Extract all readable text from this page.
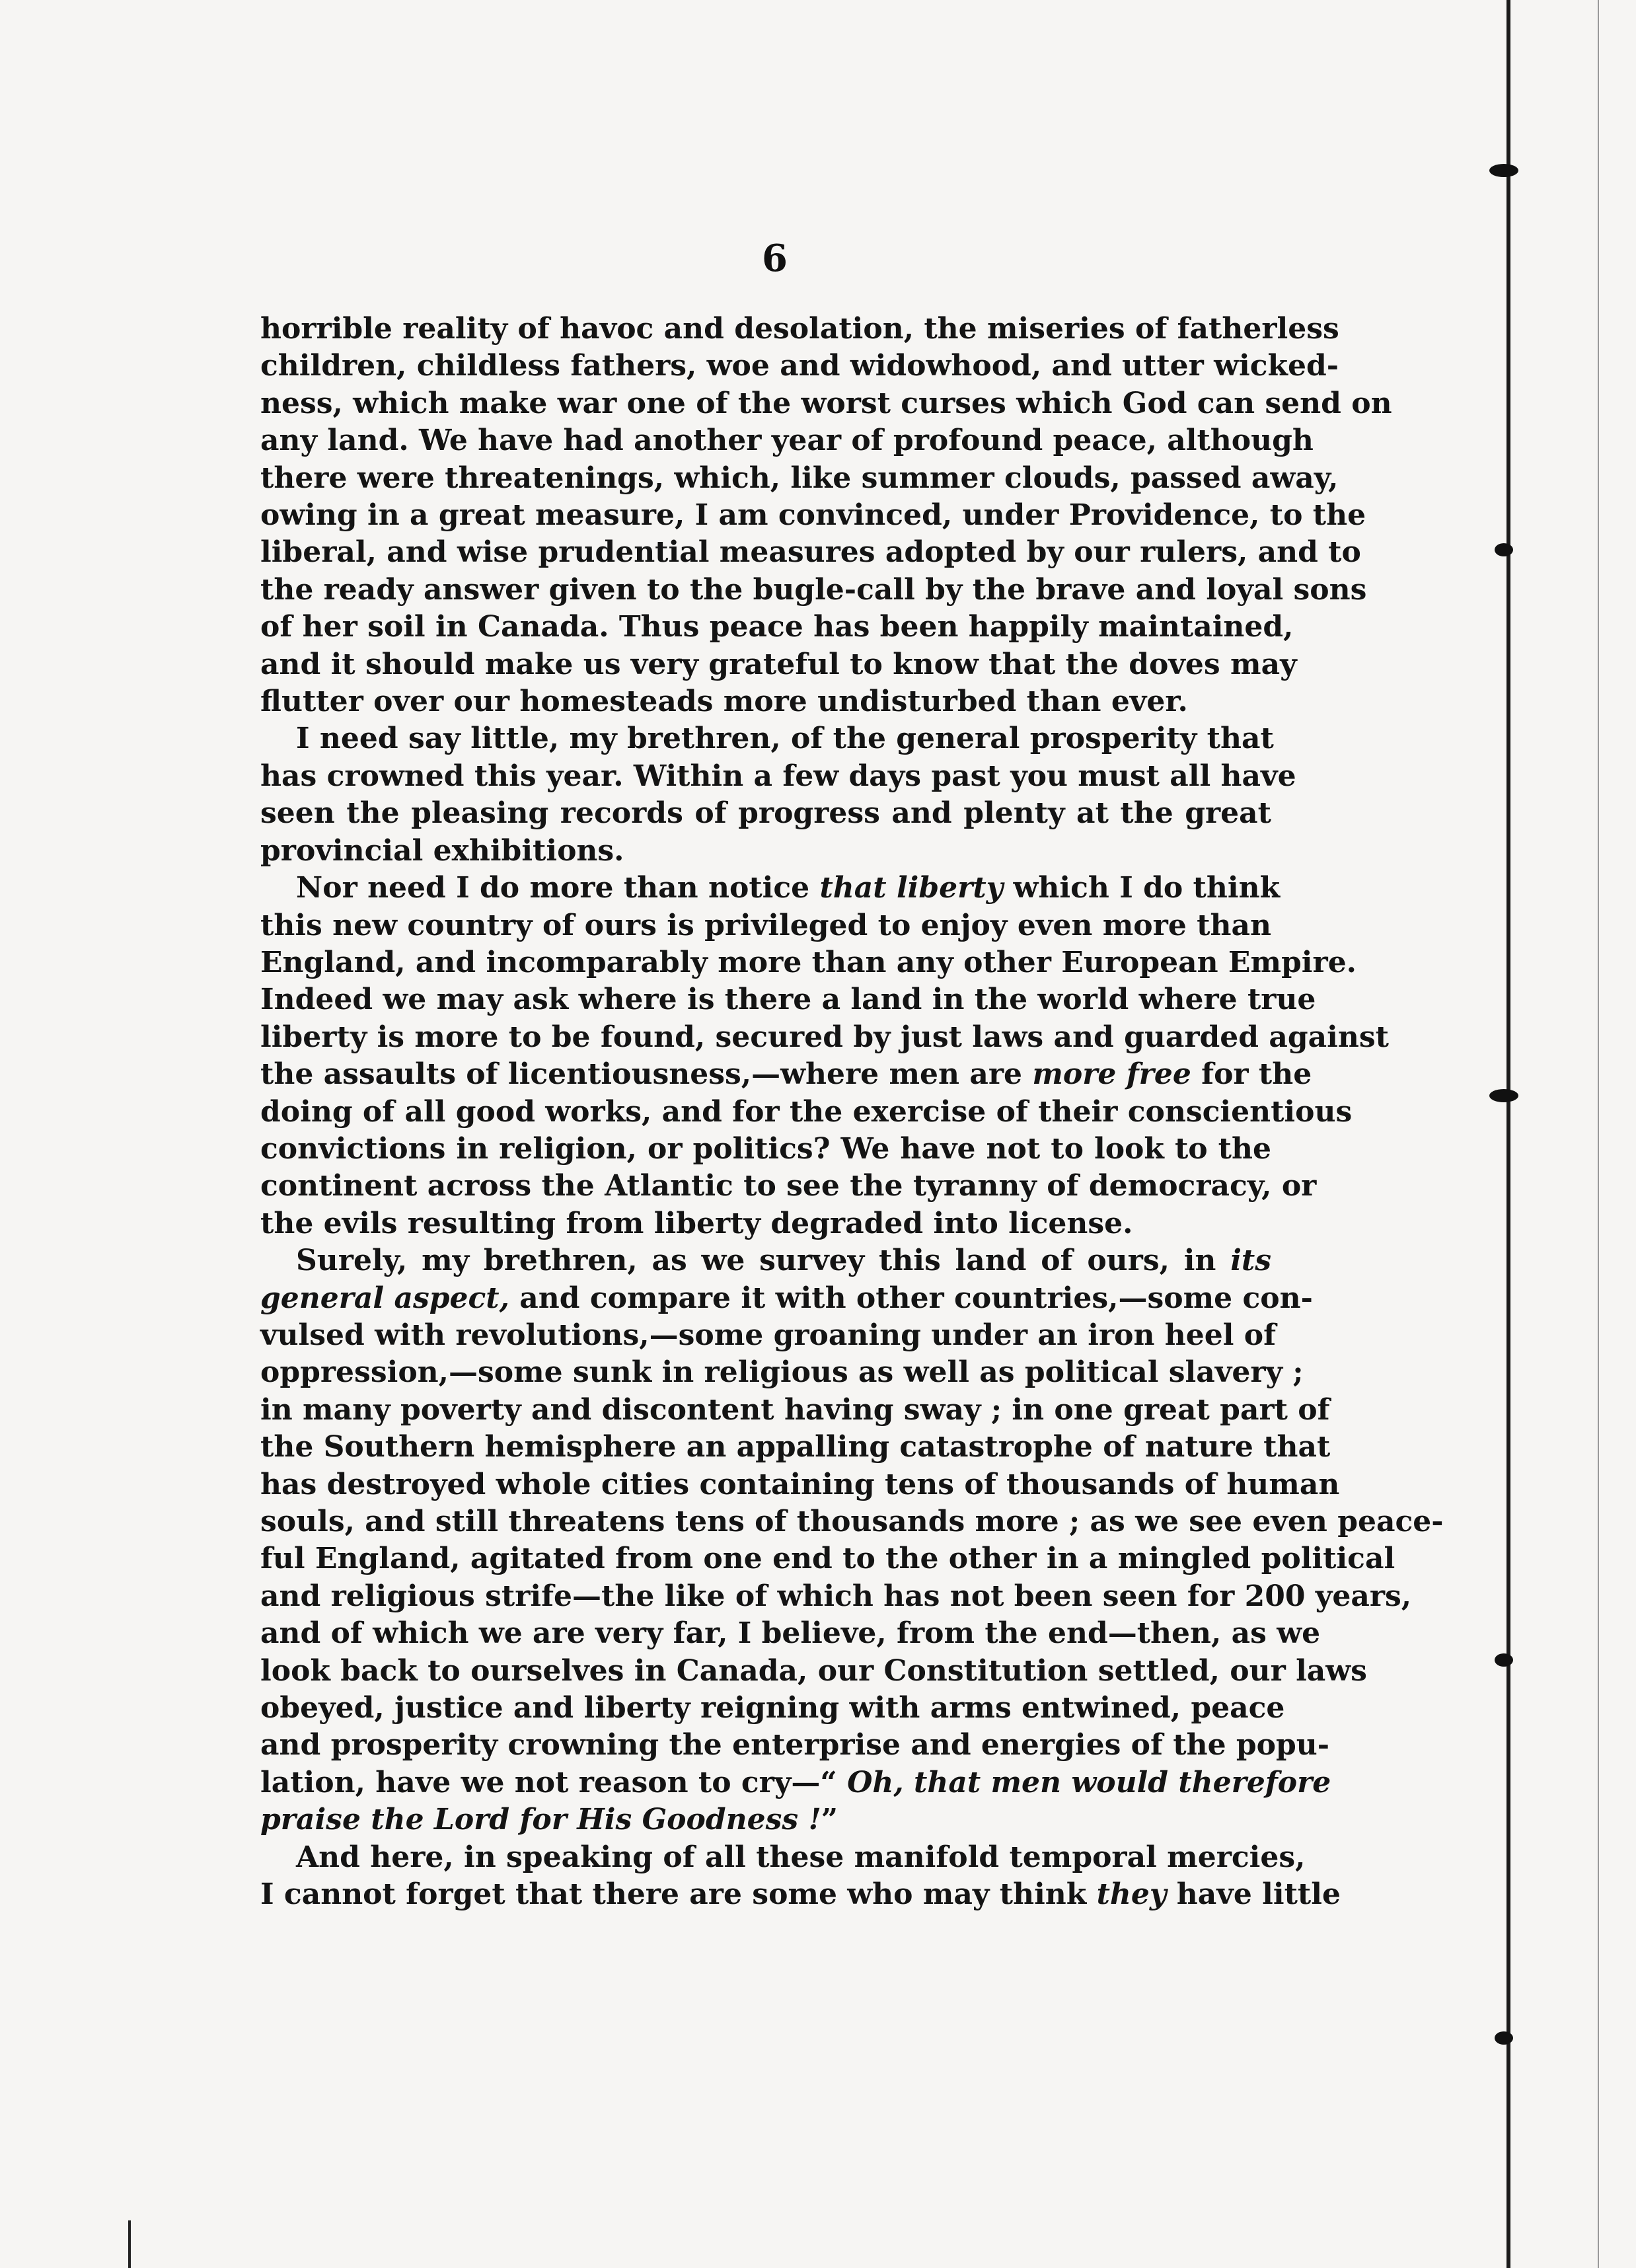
6
horrible reality of havoc and desolation, the miseries of fatherless
children, childless fathers, woe and widowhood, and utter wicked-
ness, which make war one of the worst curses which God can send on
any land. We have had another year of profound peace, although
there were threatenings, which, like summer clouds, passed away,
owing in a great measure, I am convinced, under Providence, to the
liberal, and wise prudential measures adopted by our rulers, and to
the ready answer given to the bugle-call by the brave and loyal sons
of her soil in Canada. Thus peace has been happily maintained,
and it should make us very grateful to know that the doves may
flutter over our homesteads more undisturbed than ever.
I need say little, my brethren, of the general prosperity that
has crowned this year. Within a few days past you must all have
seen the pleasing records of progress and plenty at the great
provincial exhibitions.
Nor need I do more than notice that liberty which I do think
this new country of ours is privileged to enjoy even more than
England, and incomparably more than any other European Empire.
Indeed we may ask where is there a land in the world where true
liberty is more to be found, secured by just laws and guarded against
the assaults of licentiousness,—where men are more free for the
doing of all good works, and for the exercise of their conscientious
convictions in religion, or politics? We have not to look to the
continent across the Atlantic to see the tyranny of democracy, or
the evils resulting from liberty degraded into license.
Surely, my brethren, as we survey this land of ours, in its
general aspect, and compare it with other countries,—some con-
vulsed with revolutions,—some groaning under an iron heel of
oppression,—some sunk in religious as well as political slavery ;
in many poverty and discontent having sway ; in one great part of
the Southern hemisphere an appalling catastrophe of nature that
has destroyed whole cities containing tens of thousands of human
souls, and still threatens tens of thousands more ; as we see even peace-
ful England, agitated from one end to the other in a mingled political
and religious strife—the like of which has not been seen for 200 years,
and of which we are very far, I believe, from the end—then, as we
look back to ourselves in Canada, our Constitution settled, our laws
obeyed, justice and liberty reigning with arms entwined, peace
and prosperity crowning the enterprise and energies of the popu-
lation, have we not reason to cry—“ Oh, that men would therefore
praise the Lord for His Goodness !”
And here, in speaking of all these manifold temporal mercies,
I cannot forget that there are some who may think they have little
